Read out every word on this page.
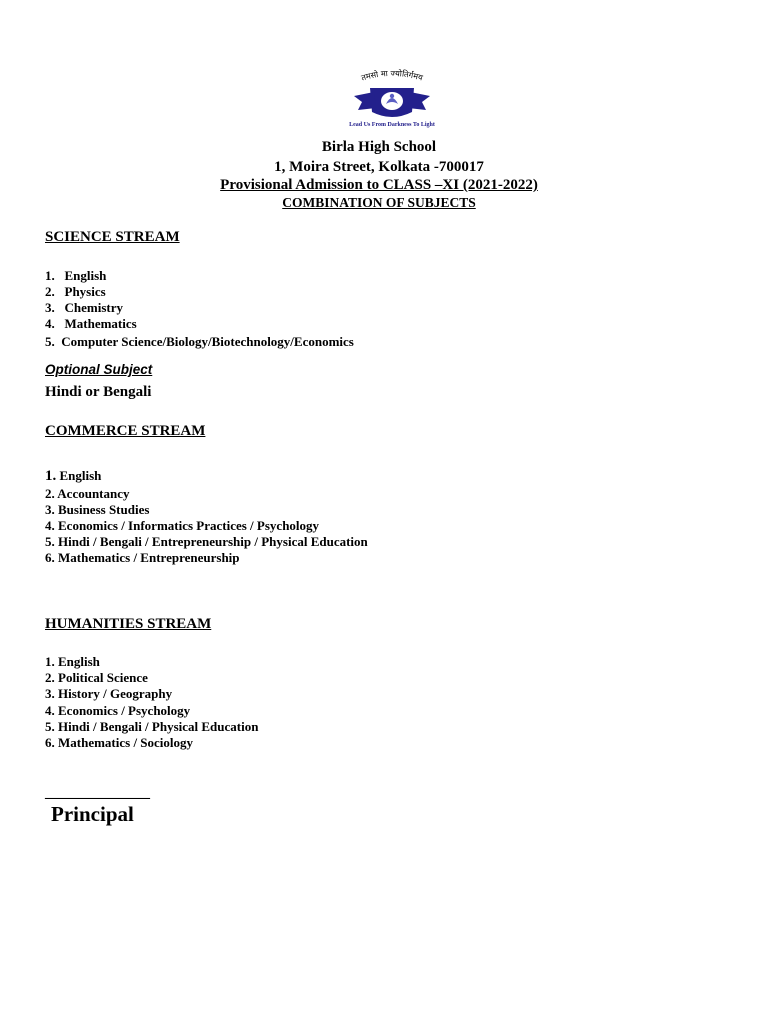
तमसो मा ज्योतिर्गमय
Lead Us From Darkness To Light
Birla High School
1, Moira Street, Kolkata -700017
Provisional Admission to CLASS –XI (2021-2022)
COMBINATION OF SUBJECTS
SCIENCE STREAM
1. English
2. Physics
3. Chemistry
4. Mathematics
5. Computer Science/Biology/Biotechnology/Economics
Optional Subject
Hindi or Bengali
COMMERCE STREAM
1. English
2. Accountancy
3. Business Studies
4. Economics / Informatics Practices / Psychology
5. Hindi / Bengali / Entrepreneurship / Physical Education
6. Mathematics / Entrepreneurship
HUMANITIES STREAM
1. English
2. Political Science
3. History / Geography
4. Economics / Psychology
5. Hindi / Bengali / Physical Education
6. Mathematics / Sociology
______________
Principal
